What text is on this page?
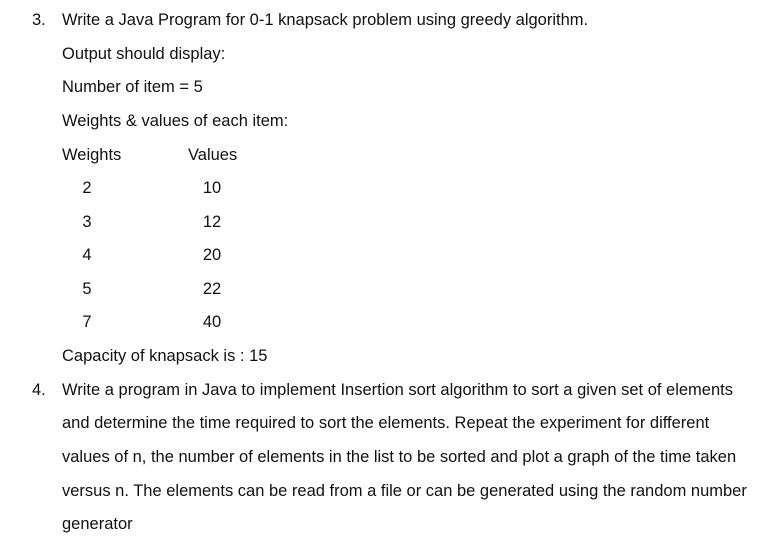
3. Write a Java Program for 0-1 knapsack problem using greedy algorithm.
Output should display:
Number of item = 5
Weights & values of each item:
Weights	Values
2	10
3	12
4	20
5	22
7	40
Capacity of knapsack is : 15
4. Write a program in Java to implement Insertion sort algorithm to sort a given set of elements
and determine the time required to sort the elements. Repeat the experiment for different
values of n, the number of elements in the list to be sorted and plot a graph of the time taken
versus n. The elements can be read from a file or can be generated using the random number
generator
